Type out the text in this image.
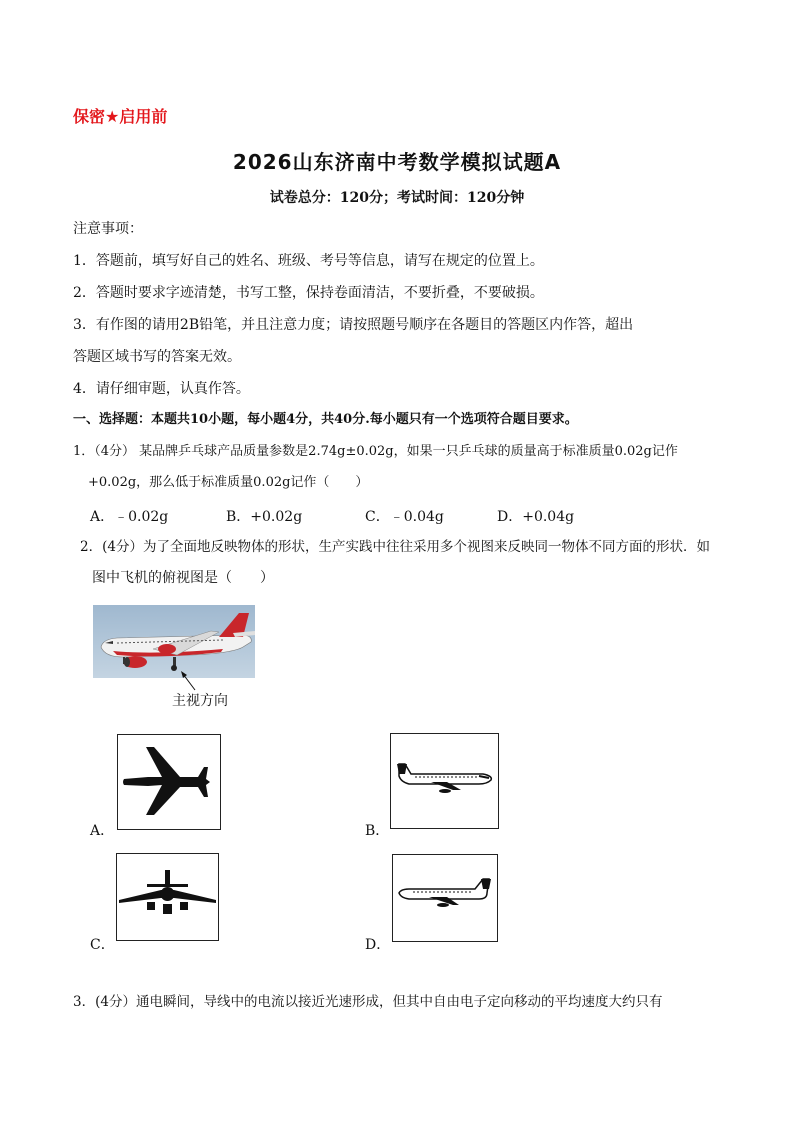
保密★启用前
2026山东济南中考数学模拟试题A
试卷总分：120分；考试时间：120分钟
注意事项：
1．答题前，填写好自己的姓名、班级、考号等信息，请写在规定的位置上。
2．答题时要求字迹清楚，书写工整，保持卷面清洁，不要折叠，不要破损。
3．有作图的请用2B铅笔，并且注意力度；请按照题号顺序在各题目的答题区内作答，超出
答题区域书写的答案无效。
4．请仔细审题，认真作答。
一、选择题：本题共10小题，每小题4分，共40分.每小题只有一个选项符合题目要求。
1．（4分） 某品牌乒乓球产品质量参数是2.74g±0.02g，如果一只乒乓球的质量高于标准质量0.02g记作
+0.02g，那么低于标准质量0.02g记作（　　）
A．﹣0.02g	B．+0.02g	C．﹣0.04g	D．+0.04g
2．(4分）为了全面地反映物体的形状，生产实践中往往采用多个视图来反映同一物体不同方面的形状．如
图中飞机的俯视图是（　　）
主视方向
A．	B．
C．	D．
3．(4分）通电瞬间，导线中的电流以接近光速形成，但其中自由电子定向移动的平均速度大约只有
